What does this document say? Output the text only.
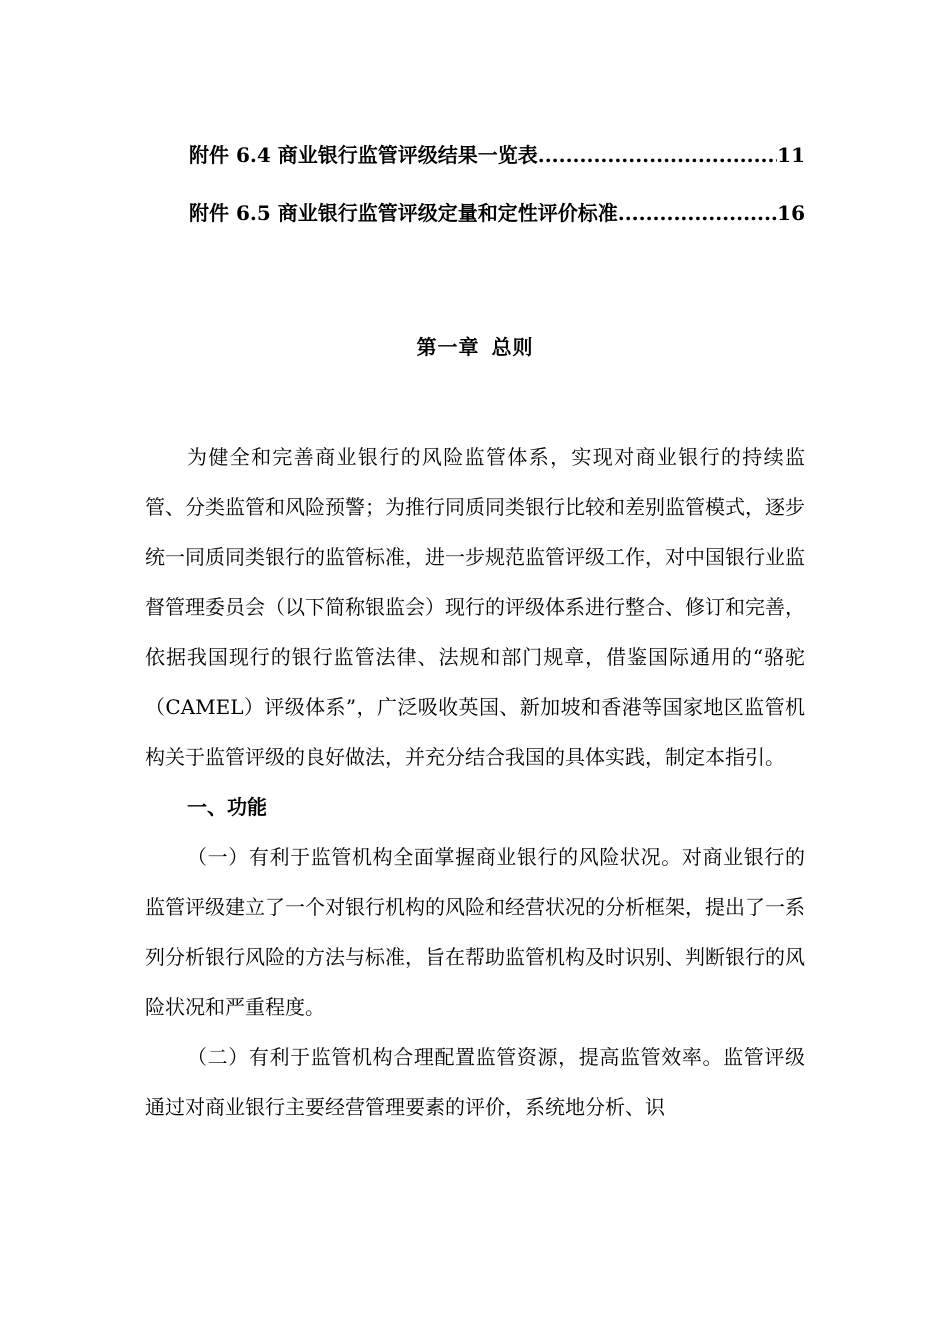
附件 6.4 商业银行监管评级结果一览表 .....	11
附件 6.5 商业银行监管评级定量和定性评价标准 .....	16
第一章 总则

为健全和完善商业银行的风险监管体系，实现对商业银行的持续监管、分类监管和风险预警；为推行同质同类银行比较和差别监管模式，逐步统一同质同类银行的监管标准，进一步规范监管评级工作，对中国银行业监督管理委员会（以下简称银监会）现行的评级体系进行整合、修订和完善，依据我国现行的银行监管法律、法规和部门规章，借鉴国际通用的“骆驼（CAMEL）评级体系”，广泛吸收英国、新加坡和香港等国家地区监管机构关于监管评级的良好做法，并充分结合我国的具体实践，制定本指引。

一、功能

（一）有利于监管机构全面掌握商业银行的风险状况。对商业银行的监管评级建立了一个对银行机构的风险和经营状况的分析框架，提出了一系列分析银行风险的方法与标准，旨在帮助监管机构及时识别、判断银行的风险状况和严重程度。

（二）有利于监管机构合理配置监管资源，提高监管效率。监管评级通过对商业银行主要经营管理要素的评价，系统地分析、识
